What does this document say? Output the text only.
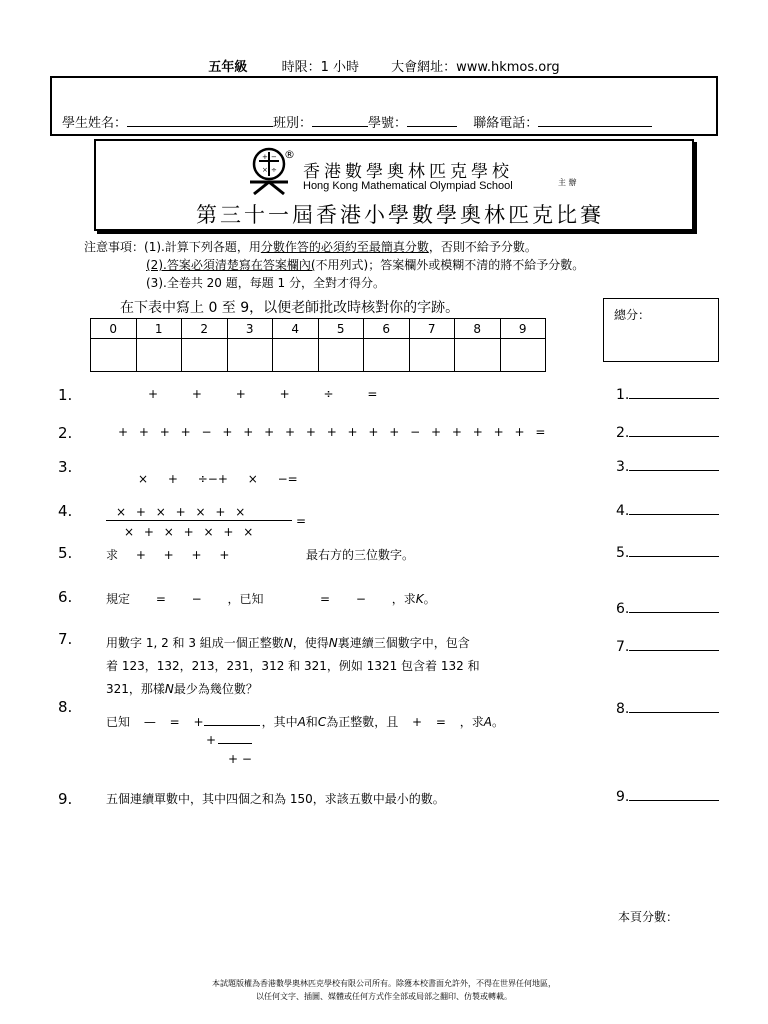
五年級	時限：1 小時 大會網址：www.hkmos.org
學生姓名：	班別：	學號：	聯絡電話：
+ −
× ÷
®
香港數學奧林匹克學校
Hong Kong Mathematical Olympiad School	主 辦
第三十一屆香港小學數學奧林匹克比賽
注意事項：(1).計算下列各題，用分數作答的必須約至最簡真分數，否則不給予分數。
(2).答案必須清楚寫在答案欄內(不用列式)；答案欄外或模糊不清的將不給予分數。
(3).全卷共 20 題，每題 1 分，全對才得分。
在下表中寫上 0 至 9，以便老師批改時核對你的字跡。
0	1	2	3	4	5	6	7	8	9

總分：
1.	+ + + + ÷ =	1.
2.	+ + + + − + + + + + + + + + − + + + + + =	2.
3.
× + ÷−+ × −=
3.
4.	× + × + × + ×
=
× + × + × + ×
4.
5.	求 + + + +	最右方的三位數字。	5.
6.	規定 = − ，已知	= − ，求K。
6.
7.	用數字 1, 2 和 3 組成一個正整數N，使得N裏連續三個數字中，包含
着 123，132，213，231，312 和 321，例如 1321 包含着 132 和
321，那樣N最少為幾位數？
7.
8.
已知 — = +	，其中A和C為正整數，且 + = ，求A。
+
+ −
8.
9.	五個連續單數中，其中四個之和為 150，求該五數中最小的數。	9.
本頁分數：
本試題版權為香港數學奧林匹克學校有限公司所有。除獲本校書面允許外，不得在世界任何地區，
以任何文字、插圖、媒體或任何方式作全部或局部之翻印、仿製或轉載。
